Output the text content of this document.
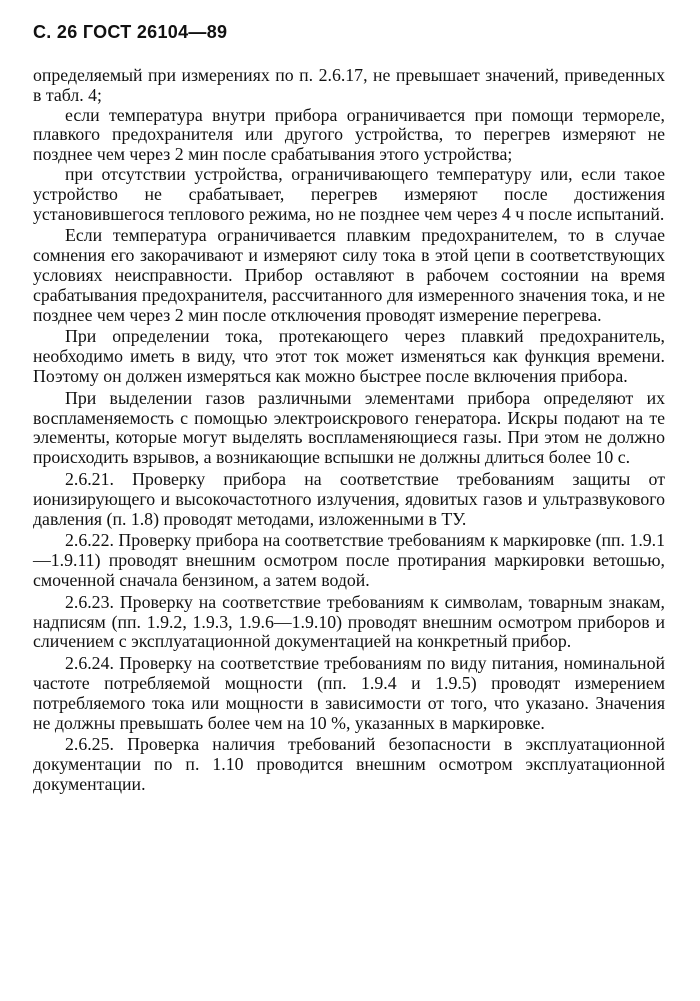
С. 26 ГОСТ 26104—89

определяемый при измерениях по п. 2.6.17, не превышает значений, приведенных в табл. 4;

если температура внутри прибора ограничивается при помощи термореле, плавкого предохранителя или другого устройства, то перегрев измеряют не позднее чем через 2 мин после срабатывания этого устройства;

при отсутствии устройства, ограничивающего температуру или, если такое устройство не срабатывает, перегрев измеряют после достижения установившегося теплового режима, но не позднее чем через 4 ч после испытаний.

Если температура ограничивается плавким предохранителем, то в случае сомнения его закорачивают и измеряют силу тока в этой цепи в соответствующих условиях неисправности. Прибор оставляют в рабочем состоянии на время срабатывания предохранителя, рассчитанного для измеренного значения тока, и не позднее чем через 2 мин после отключения проводят измерение перегрева.

При определении тока, протекающего через плавкий предохранитель, необходимо иметь в виду, что этот ток может изменяться как функция времени. Поэтому он должен измеряться как можно быстрее после включения прибора.

При выделении газов различными элементами прибора определяют их воспламеняемость с помощью электроискрового генератора. Искры подают на те элементы, которые могут выделять воспламеняющиеся газы. При этом не должно происходить взрывов, а возникающие вспышки не должны длиться более 10 с.

2.6.21. Проверку прибора на соответствие требованиям защиты от ионизирующего и высокочастотного излучения, ядовитых газов и ультразвукового давления (п. 1.8) проводят методами, изложенными в ТУ.

2.6.22. Проверку прибора на соответствие требованиям к маркировке (пп. 1.9.1—1.9.11) проводят внешним осмотром после протирания маркировки ветошью, смоченной сначала бензином, а затем водой.

2.6.23. Проверку на соответствие требованиям к символам, товарным знакам, надписям (пп. 1.9.2, 1.9.3, 1.9.6—1.9.10) проводят внешним осмотром приборов и сличением с эксплуатационной документацией на конкретный прибор.

2.6.24. Проверку на соответствие требованиям по виду питания, номинальной частоте потребляемой мощности (пп. 1.9.4 и 1.9.5) проводят измерением потребляемого тока или мощности в зависимости от того, что указано. Значения не должны превышать более чем на 10 %, указанных в маркировке.

2.6.25. Проверка наличия требований безопасности в эксплуатационной документации по п. 1.10 проводится внешним осмотром эксплуатационной документации.
